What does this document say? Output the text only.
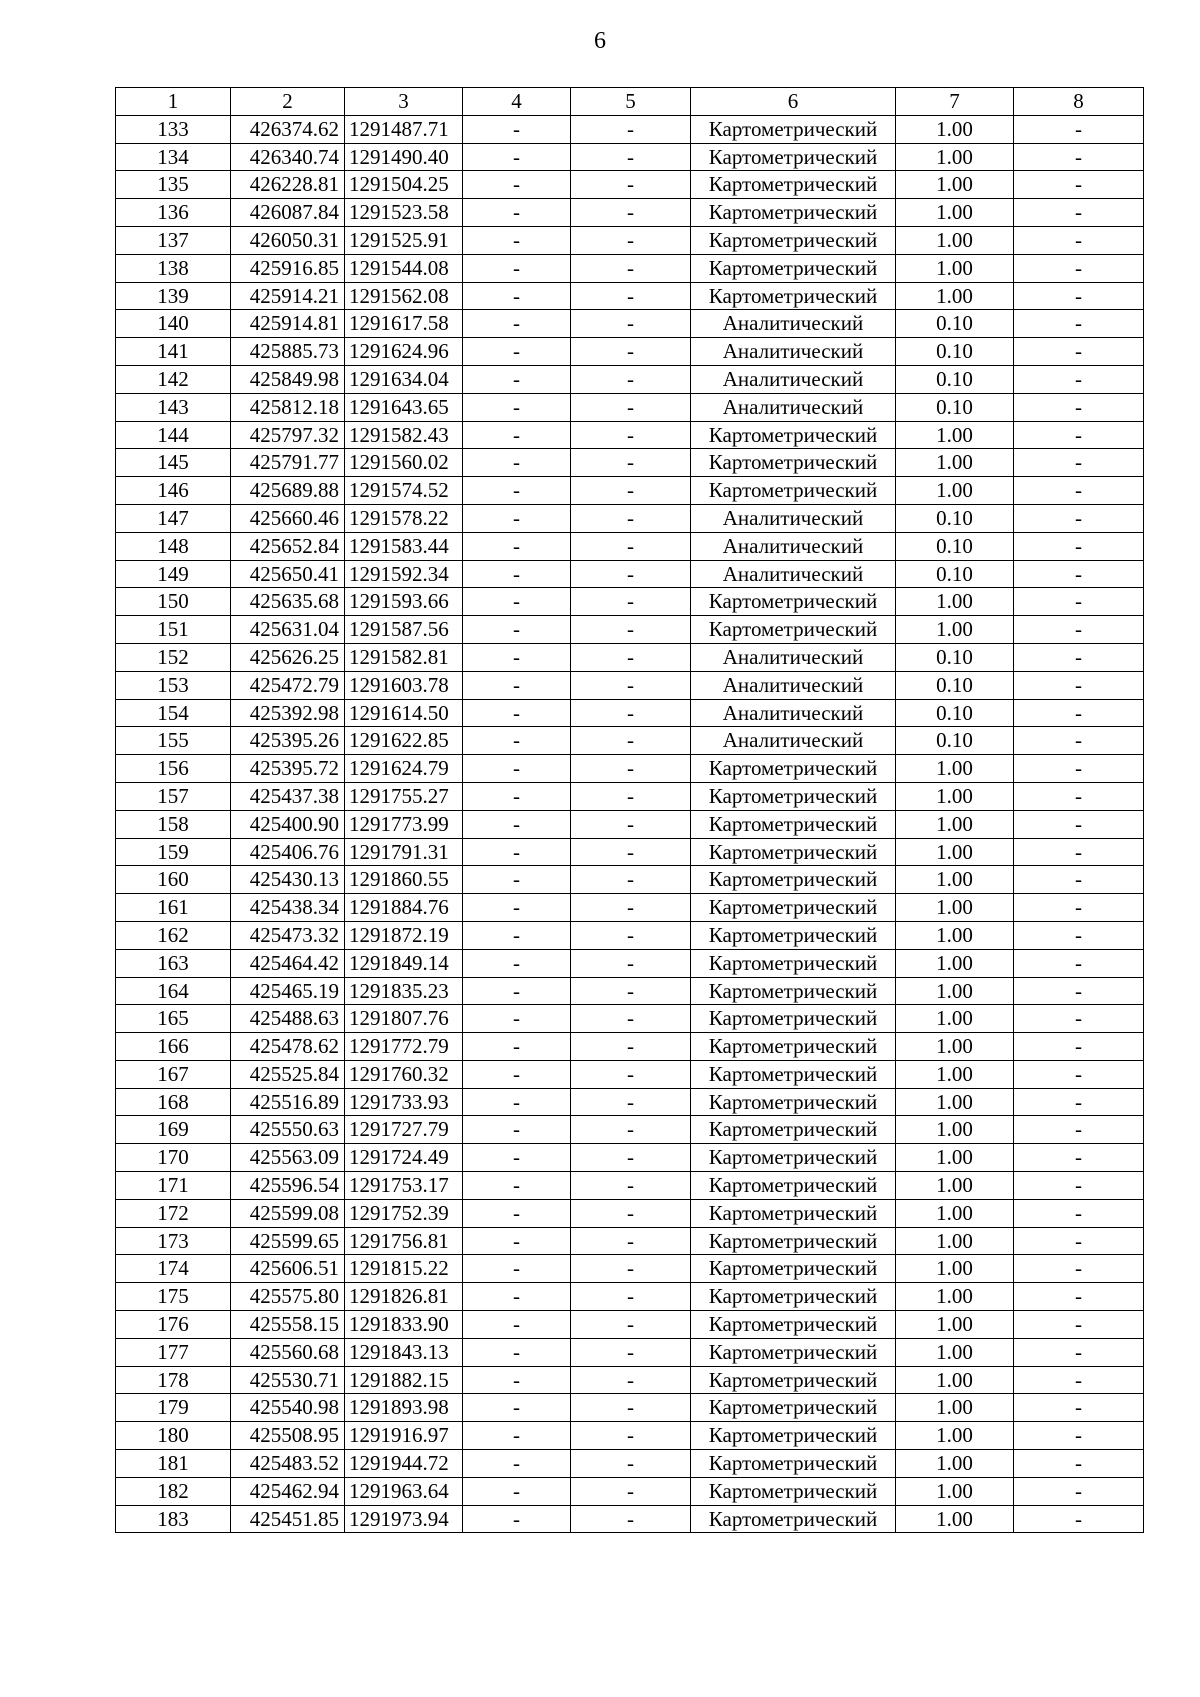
6
1	2	3	4	5	6	7	8
133	426374.62	1291487.71	-	-	Картометрический	1.00	-
134	426340.74	1291490.40	-	-	Картометрический	1.00	-
135	426228.81	1291504.25	-	-	Картометрический	1.00	-
136	426087.84	1291523.58	-	-	Картометрический	1.00	-
137	426050.31	1291525.91	-	-	Картометрический	1.00	-
138	425916.85	1291544.08	-	-	Картометрический	1.00	-
139	425914.21	1291562.08	-	-	Картометрический	1.00	-
140	425914.81	1291617.58	-	-	Аналитический	0.10	-
141	425885.73	1291624.96	-	-	Аналитический	0.10	-
142	425849.98	1291634.04	-	-	Аналитический	0.10	-
143	425812.18	1291643.65	-	-	Аналитический	0.10	-
144	425797.32	1291582.43	-	-	Картометрический	1.00	-
145	425791.77	1291560.02	-	-	Картометрический	1.00	-
146	425689.88	1291574.52	-	-	Картометрический	1.00	-
147	425660.46	1291578.22	-	-	Аналитический	0.10	-
148	425652.84	1291583.44	-	-	Аналитический	0.10	-
149	425650.41	1291592.34	-	-	Аналитический	0.10	-
150	425635.68	1291593.66	-	-	Картометрический	1.00	-
151	425631.04	1291587.56	-	-	Картометрический	1.00	-
152	425626.25	1291582.81	-	-	Аналитический	0.10	-
153	425472.79	1291603.78	-	-	Аналитический	0.10	-
154	425392.98	1291614.50	-	-	Аналитический	0.10	-
155	425395.26	1291622.85	-	-	Аналитический	0.10	-
156	425395.72	1291624.79	-	-	Картометрический	1.00	-
157	425437.38	1291755.27	-	-	Картометрический	1.00	-
158	425400.90	1291773.99	-	-	Картометрический	1.00	-
159	425406.76	1291791.31	-	-	Картометрический	1.00	-
160	425430.13	1291860.55	-	-	Картометрический	1.00	-
161	425438.34	1291884.76	-	-	Картометрический	1.00	-
162	425473.32	1291872.19	-	-	Картометрический	1.00	-
163	425464.42	1291849.14	-	-	Картометрический	1.00	-
164	425465.19	1291835.23	-	-	Картометрический	1.00	-
165	425488.63	1291807.76	-	-	Картометрический	1.00	-
166	425478.62	1291772.79	-	-	Картометрический	1.00	-
167	425525.84	1291760.32	-	-	Картометрический	1.00	-
168	425516.89	1291733.93	-	-	Картометрический	1.00	-
169	425550.63	1291727.79	-	-	Картометрический	1.00	-
170	425563.09	1291724.49	-	-	Картометрический	1.00	-
171	425596.54	1291753.17	-	-	Картометрический	1.00	-
172	425599.08	1291752.39	-	-	Картометрический	1.00	-
173	425599.65	1291756.81	-	-	Картометрический	1.00	-
174	425606.51	1291815.22	-	-	Картометрический	1.00	-
175	425575.80	1291826.81	-	-	Картометрический	1.00	-
176	425558.15	1291833.90	-	-	Картометрический	1.00	-
177	425560.68	1291843.13	-	-	Картометрический	1.00	-
178	425530.71	1291882.15	-	-	Картометрический	1.00	-
179	425540.98	1291893.98	-	-	Картометрический	1.00	-
180	425508.95	1291916.97	-	-	Картометрический	1.00	-
181	425483.52	1291944.72	-	-	Картометрический	1.00	-
182	425462.94	1291963.64	-	-	Картометрический	1.00	-
183	425451.85	1291973.94	-	-	Картометрический	1.00	-
